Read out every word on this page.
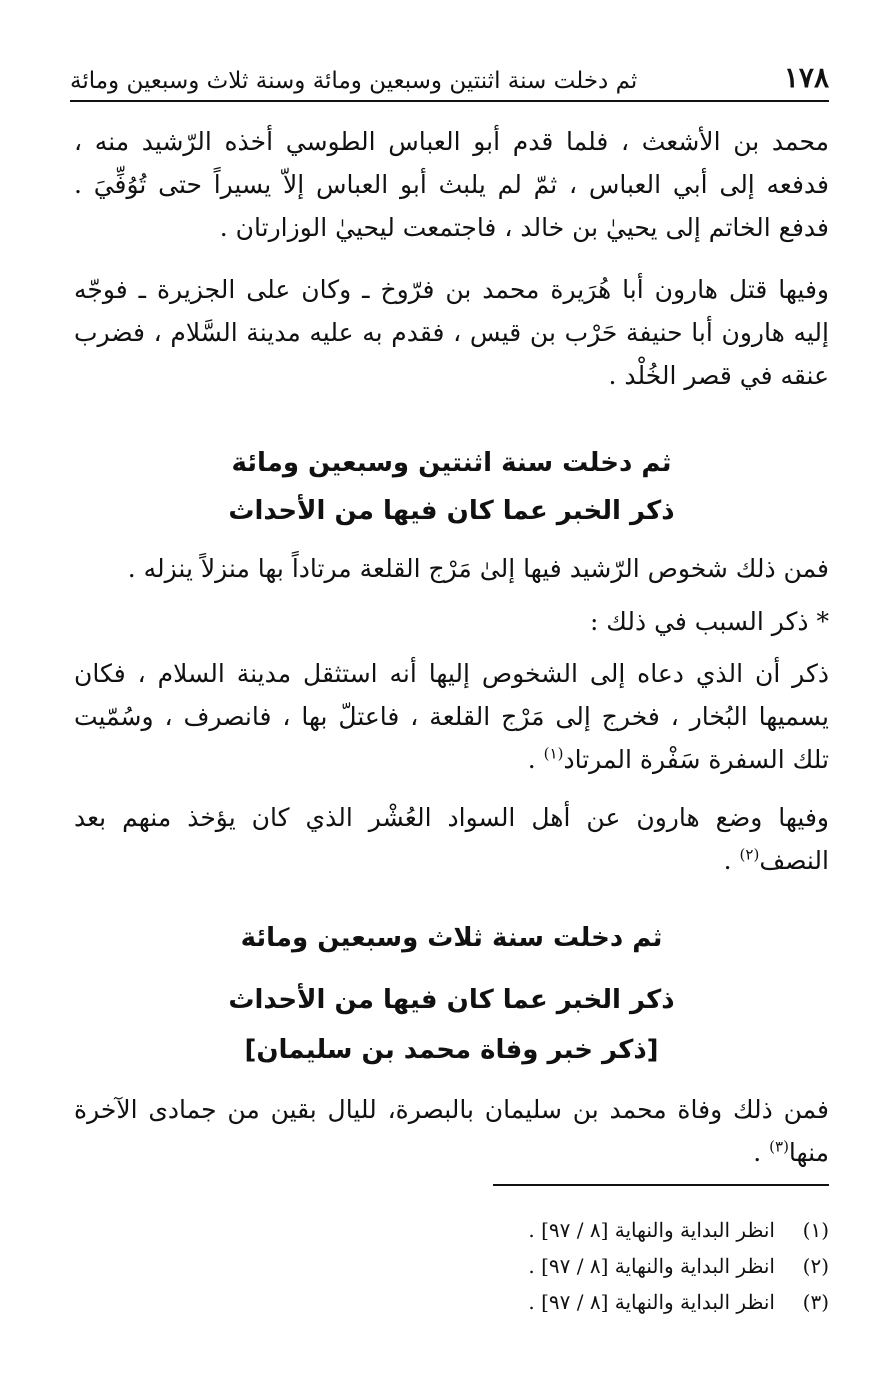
١٧٨
ثم دخلت سنة اثنتين وسبعين ومائة وسنة ثلاث وسبعين ومائة

محمد بن الأشعث ، فلما قدم أبو العباس الطوسي أخذه الرّشيد منه ، فدفعه إلى أبي العباس ، ثمّ لم يلبث أبو العباس إلاّ يسيراً حتى تُوُفِّيَ . فدفع الخاتم إلى يحييٰ بن خالد ، فاجتمعت ليحييٰ الوزارتان .

وفيها قتل هارون أبا هُرَيرة محمد بن فرّوخ ـ وكان على الجزيرة ـ فوجّه إليه هارون أبا حنيفة حَرْب بن قيس ، فقدم به عليه مدينة السَّلام ، فضرب عنقه في قصر الخُلْد .

ثم دخلت سنة اثنتين وسبعين ومائة
ذكر الخبر عما كان فيها من الأحداث

فمن ذلك شخوص الرّشيد فيها إلىٰ مَرْج القلعة مرتاداً بها منزلاً ينزله .

* ذكر السبب في ذلك :

ذكر أن الذي دعاه إلى الشخوص إليها أنه استثقل مدينة السلام ، فكان يسميها البُخار ، فخرج إلى مَرْج القلعة ، فاعتلّ بها ، فانصرف ، وسُمّيت تلك السفرة سَفْرة المرتاد$^{(١)}$ .

وفيها وضع هارون عن أهل السواد العُشْر الذي كان يؤخذ منهم بعد النصف$^{(٢)}$ .

ثم دخلت سنة ثلاث وسبعين ومائة
ذكر الخبر عما كان فيها من الأحداث
[ذكر خبر وفاة محمد بن سليمان]

فمن ذلك وفاة محمد بن سليمان بالبصرة، لليال بقين من جمادى الآخرة منها$^{(٣)}$ .

(١)
انظر البداية والنهاية [٨ / ٩٧] .
(٢)
انظر البداية والنهاية [٨ / ٩٧] .
(٣)
انظر البداية والنهاية [٨ / ٩٧] .
